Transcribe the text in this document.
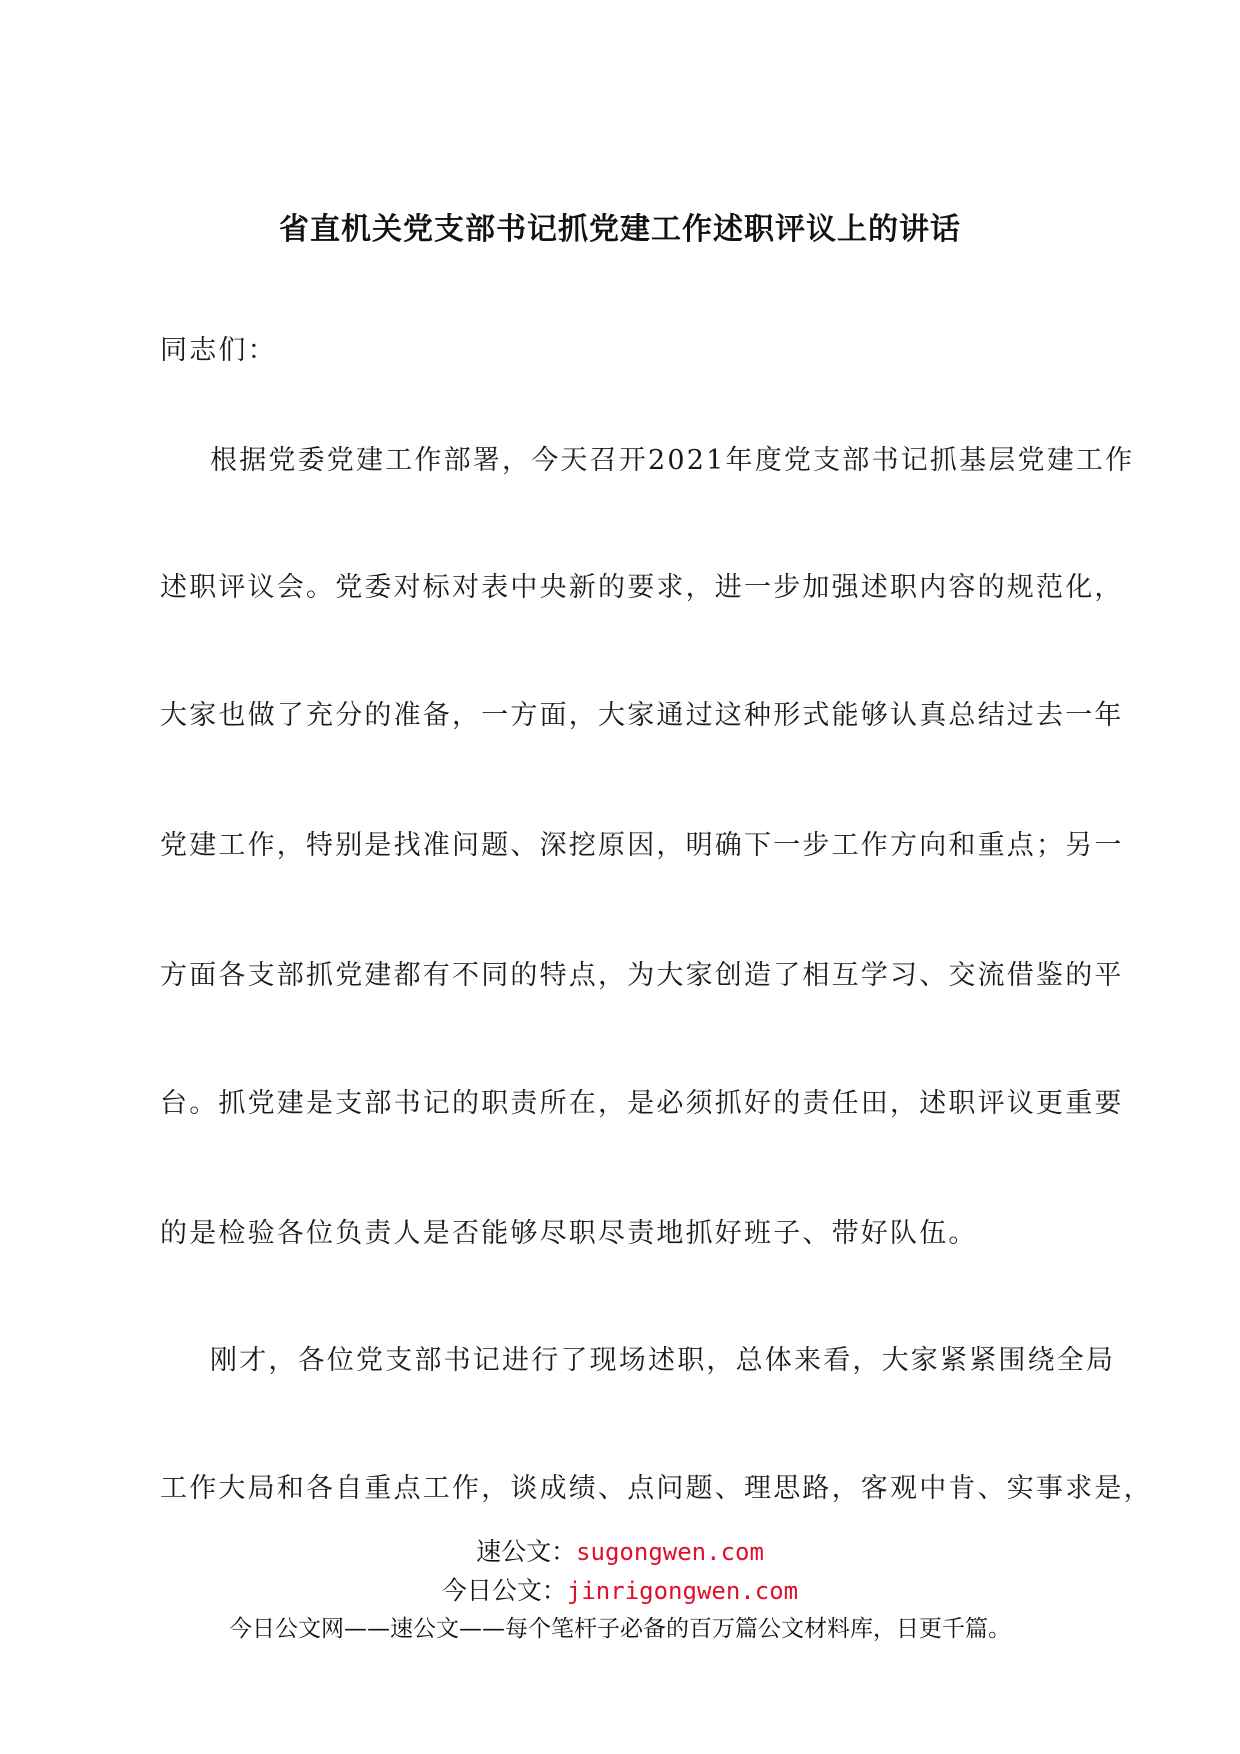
省直机关党支部书记抓党建工作述职评议上的讲话
同志们：
根据党委党建工作部署，今天召开2021年度党支部书记抓基层党建工作
述职评议会。党委对标对表中央新的要求，进一步加强述职内容的规范化，
大家也做了充分的准备，一方面，大家通过这种形式能够认真总结过去一年
党建工作，特别是找准问题、深挖原因，明确下一步工作方向和重点；另一
方面各支部抓党建都有不同的特点，为大家创造了相互学习、交流借鉴的平
台。抓党建是支部书记的职责所在，是必须抓好的责任田，述职评议更重要
的是检验各位负责人是否能够尽职尽责地抓好班子、带好队伍。
刚才，各位党支部书记进行了现场述职，总体来看，大家紧紧围绕全局
工作大局和各自重点工作，谈成绩、点问题、理思路，客观中肯、实事求是，
速公文：sugongwen.com
今日公文：jinrigongwen.com
今日公文网——速公文——每个笔杆子必备的百万篇公文材料库，日更千篇。
